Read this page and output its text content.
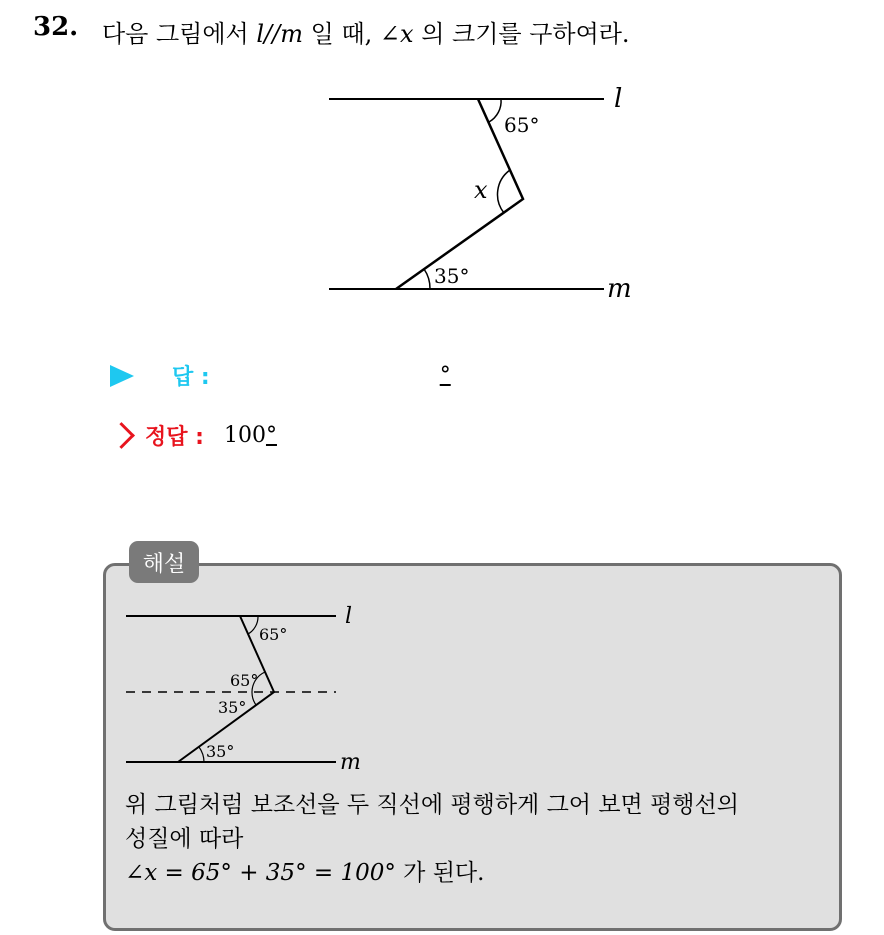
32. 다음 그림에서 l//m 일 때, ∠x 의 크기를 구하여라.
65°
x
35°
l
m
답 :	°
정답 : 100 °
해설
65°
65°
35°
35°
l
m
위 그림처럼 보조선을 두 직선에 평행하게 그어 보면 평행선의
성질에 따라
∠x = 65° + 35° = 100° 가 된다.
